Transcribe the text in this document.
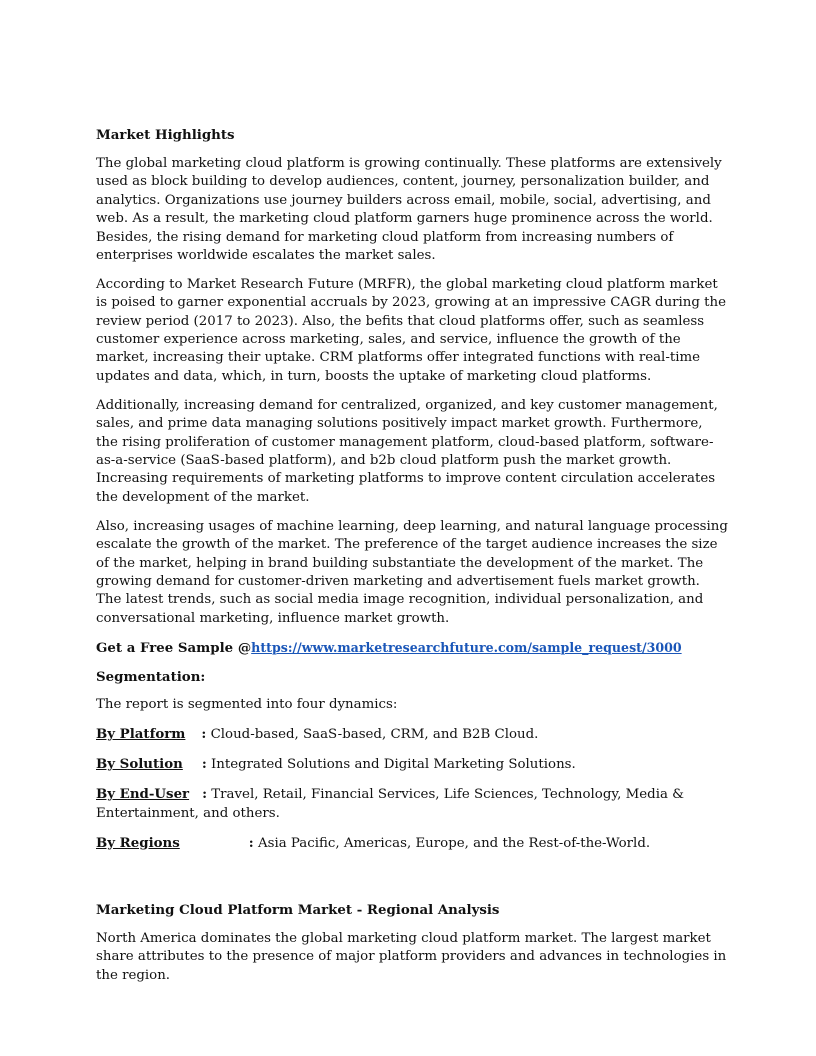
Market Highlights

The global marketing cloud platform is growing continually. These platforms are extensively used as block building to develop audiences, content, journey, personalization builder, and analytics. Organizations use journey builders across email, mobile, social, advertising, and web. As a result, the marketing cloud platform garners huge prominence across the world. Besides, the rising demand for marketing cloud platform from increasing numbers of enterprises worldwide escalates the market sales.

According to Market Research Future (MRFR), the global marketing cloud platform market is poised to garner exponential accruals by 2023, growing at an impressive CAGR during the review period (2017 to 2023). Also, the befits that cloud platforms offer, such as seamless customer experience across marketing, sales, and service, influence the growth of the market, increasing their uptake. CRM platforms offer integrated functions with real-time updates and data, which, in turn, boosts the uptake of marketing cloud platforms.

Additionally, increasing demand for centralized, organized, and key customer management, sales, and prime data managing solutions positively impact market growth. Furthermore, the rising proliferation of customer management platform, cloud-based platform, software-as-a-service (SaaS-based platform), and b2b cloud platform push the market growth. Increasing requirements of marketing platforms to improve content circulation accelerates the development of the market.

Also, increasing usages of machine learning, deep learning, and natural language processing escalate the growth of the market. The preference of the target audience increases the size of the market, helping in brand building substantiate the development of the market. The growing demand for customer-driven marketing and advertisement fuels market growth. The latest trends, such as social media image recognition, individual personalization, and conversational marketing, influence market growth.

Get a Free Sample @https://www.marketresearchfuture.com/sample_request/3000

Segmentation:

The report is segmented into four dynamics:

By Platform : Cloud-based, SaaS-based, CRM, and B2B Cloud.

By Solution : Integrated Solutions and Digital Marketing Solutions.

By End-User : Travel, Retail, Financial Services, Life Sciences, Technology, Media & Entertainment, and others.

By Regions	: Asia Pacific, Americas, Europe, and the Rest-of-the-World.

Marketing Cloud Platform Market - Regional Analysis

North America dominates the global marketing cloud platform market. The largest market share attributes to the presence of major platform providers and advances in technologies in the region.
